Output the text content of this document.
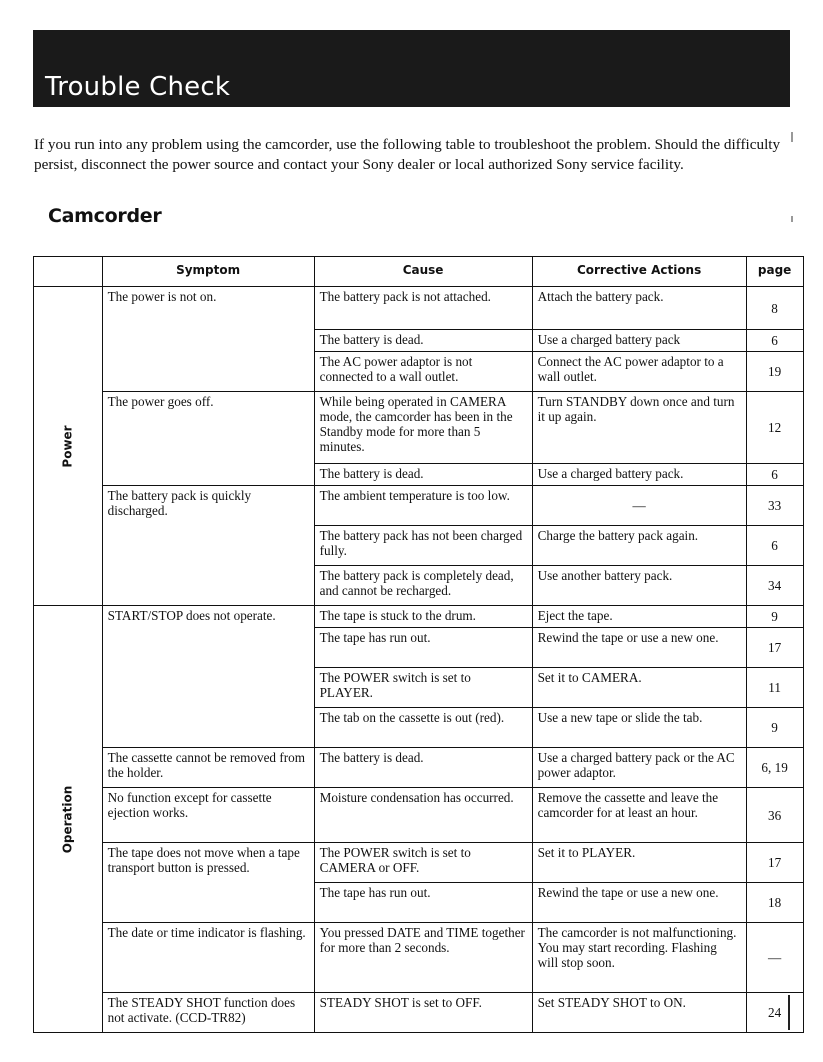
Trouble Check
If you run into any problem using the camcorder, use the following table to troubleshoot the problem. Should the difficulty persist, disconnect the power source and contact your Sony dealer or local authorized Sony service facility.
Camcorder
	Symptom	Cause	Corrective Actions	page
Power	The power is not on.	The battery pack is not attached.	Attach the battery pack.	8
		The battery is dead.	Use a charged battery pack	6
		The AC power adaptor is not connected to a wall outlet.	Connect the AC power adaptor to a wall outlet.	19
	The power goes off.	While being operated in CAMERA mode, the camcorder has been in the Standby mode for more than 5 minutes.	Turn STANDBY down once and turn it up again.	12
		The battery is dead.	Use a charged battery pack.	6
	The battery pack is quickly discharged.	The ambient temperature is too low.	—	33
		The battery pack has not been charged fully.	Charge the battery pack again.	6
		The battery pack is completely dead, and cannot be recharged.	Use another battery pack.	34
Operation	START/STOP does not operate.	The tape is stuck to the drum.	Eject the tape.	9
		The tape has run out.	Rewind the tape or use a new one.	17
		The POWER switch is set to PLAYER.	Set it to CAMERA.	11
		The tab on the cassette is out (red).	Use a new tape or slide the tab.	9
	The cassette cannot be removed from the holder.	The battery is dead.	Use a charged battery pack or the AC power adaptor.	6, 19
	No function except for cassette ejection works.	Moisture condensation has occurred.	Remove the cassette and leave the camcorder for at least an hour.	36
	The tape does not move when a tape transport button is pressed.	The POWER switch is set to CAMERA or OFF.	Set it to PLAYER.	17
		The tape has run out.	Rewind the tape or use a new one.	18
	The date or time indicator is flashing.	You pressed DATE and TIME together for more than 2 seconds.	The camcorder is not malfunctioning. You may start recording. Flashing will stop soon.	—
	The STEADY SHOT function does not activate. (CCD-TR82)	STEADY SHOT is set to OFF.	Set STEADY SHOT to ON.	24
